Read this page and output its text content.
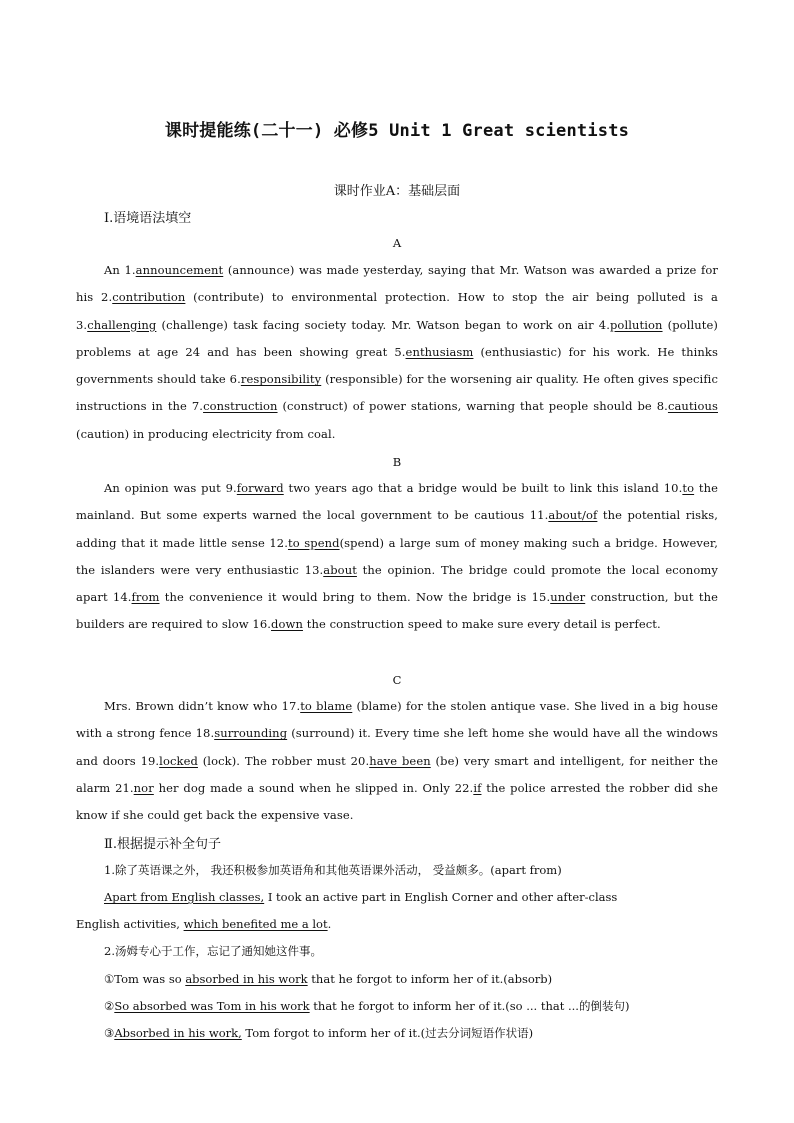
课时提能练(二十一) 必修5 Unit 1 Great scientists
课时作业A：基础层面
Ⅰ.语境语法填空
A
An 1.announcement (announce) was made yesterday, saying that Mr. Watson was awarded a prize for his 2.contribution (contribute) to environmental protection. How to stop the air being polluted is a 3.challenging (challenge) task facing society today. Mr. Watson began to work on air 4.pollution (pollute) problems at age 24 and has been showing great 5.enthusiasm (enthusiastic) for his work. He thinks governments should take 6.responsibility (responsible) for the worsening air quality. He often gives specific instructions in the 7.construction (construct) of power stations, warning that people should be 8.cautious (caution) in producing electricity from coal.
B
An opinion was put 9.forward two years ago that a bridge would be built to link this island 10.to the mainland. But some experts warned the local government to be cautious 11.about/of the potential risks, adding that it made little sense 12.to spend(spend) a large sum of money making such a bridge. However, the islanders were very enthusiastic 13.about the opinion. The bridge could promote the local economy apart 14.from the convenience it would bring to them. Now the bridge is 15.under construction, but the builders are required to slow 16.down the construction speed to make sure every detail is perfect.
C
Mrs. Brown didn’t know who 17.to blame (blame) for the stolen antique vase. She lived in a big house with a strong fence 18.surrounding (surround) it. Every time she left home she would have all the windows and doors 19.locked (lock). The robber must 20.have been (be) very smart and intelligent, for neither the alarm 21.nor her dog made a sound when he slipped in. Only 22.if the police arrested the robber did she know if she could get back the expensive vase.
Ⅱ.根据提示补全句子
1.除了英语课之外， 我还积极参加英语角和其他英语课外活动， 受益颇多。(apart from)
Apart from English classes, I took an active part in English Corner and other after-class
English activities, which benefited me a lot.
2.汤姆专心于工作，忘记了通知她这件事。
①Tom was so absorbed in his work that he forgot to inform her of it.(absorb)
②So absorbed was Tom in his work that he forgot to inform her of it.(so ... that ...的倒装句)
③Absorbed in his work, Tom forgot to inform her of it.(过去分词短语作状语)
